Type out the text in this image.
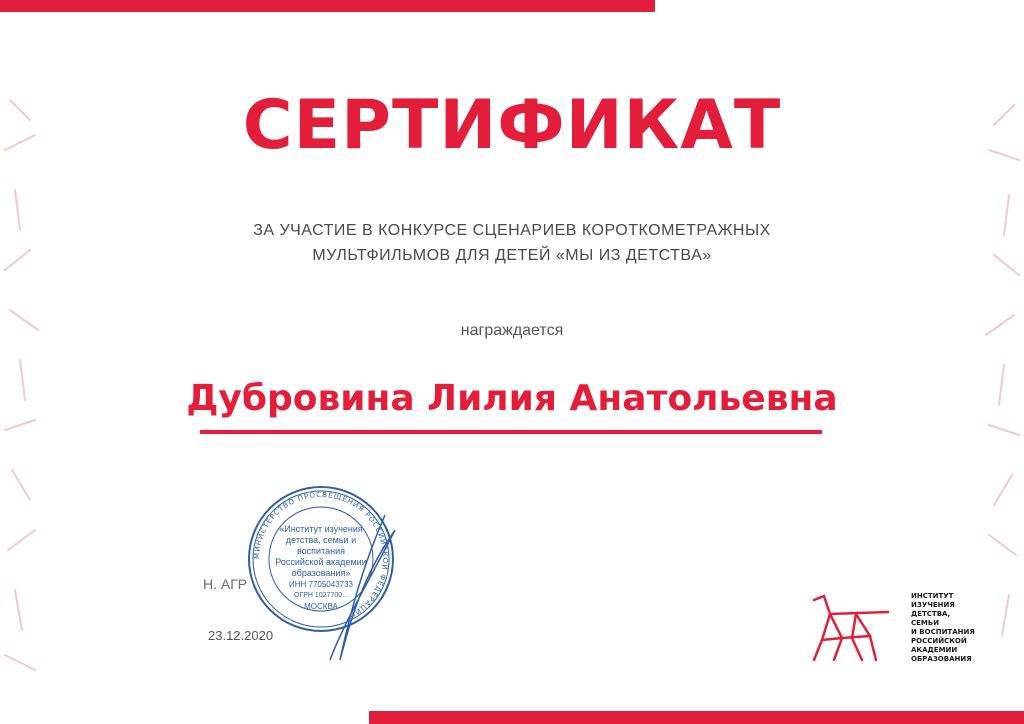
СЕРТИФИКАТ
ЗА УЧАСТИЕ В КОНКУРСЕ СЦЕНАРИЕВ КОРОТКОМЕТРАЖНЫХ
МУЛЬТФИЛЬМОВ ДЛЯ ДЕТЕЙ «МЫ ИЗ ДЕТСТВА»
награждается
Дубровина Лилия Анатольевна
МИНИСТЕРСТВО ПРОСВЕЩЕНИЯ РОССИЙСКОЙ ФЕДЕРАЦИИ
«Институт изучения
детства, семьи и
воспитания
Российской академии
образования»
ИНН 7705043733
ОГРН 1027700...
МОСКВА
Н. АГР
23.12.2020
ИНСТИТУТ
ИЗУЧЕНИЯ
ДЕТСТВА,
СЕМЬИ
И ВОСПИТАНИЯ
РОССИЙСКОЙ
АКАДЕМИИ
ОБРАЗОВАНИЯ
